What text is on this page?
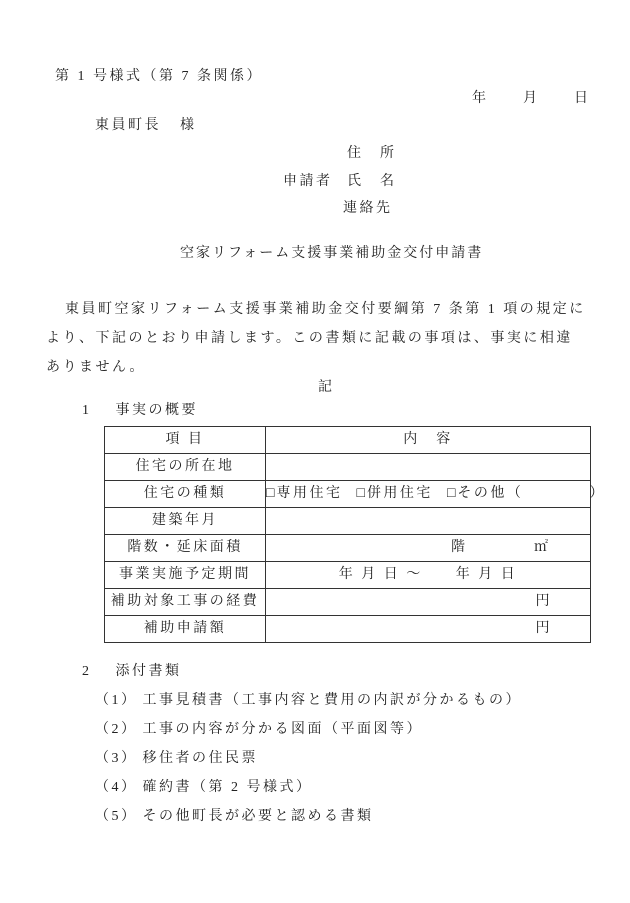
第 1 号様式（第 7 条関係）
年　　月　　日
東員町長 様
住　所
申請者 氏　名
連絡先
空家リフォーム支援事業補助金交付申請書
東員町空家リフォーム支援事業補助金交付要綱第 7 条第 1 項の規定に
より、下記のとおり申請します。この書類に記載の事項は、事実に相違
ありません。
記
1 事実の概要
項 目	内　容
住宅の所在地	
住宅の種類	□ 専用住宅 □ 併用住宅 □ その他（　　　　）
建築年月	
階数・延床面積	階 ㎡

事業実施予定期間	年 月 日 ～　　年 月 日
補助対象工事の経費	円
補助申請額	円
2 添付書類
（1） 工事見積書（工事内容と費用の内訳が分かるもの）
（2） 工事の内容が分かる図面（平面図等）
（3） 移住者の住民票
（4） 確約書（第 2 号様式）
（5） その他町長が必要と認める書類
